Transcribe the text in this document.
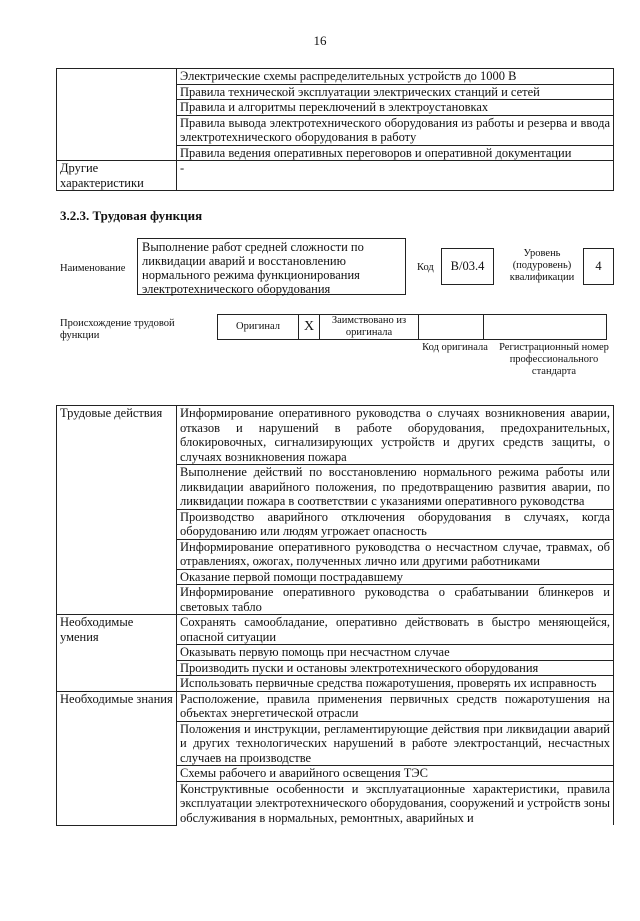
16
	Электрические схемы распределительных устройств до 1000 В
	Правила технической эксплуатации электрических станций и сетей
	Правила и алгоритмы переключений в электроустановках
	Правила вывода электротехнического оборудования из работы и резерва и ввода электротехнического оборудования в работу
	Правила ведения оперативных переговоров и оперативной документации
Другие характеристики	-
3.2.3. Трудовая функция
Наименование
Выполнение работ средней сложности по ликвидации аварий и восстановлению нормального режима функционирования электротехнического оборудования
Код	B/03.4
Уровень (подуровень) квалификации
4
Происхождение трудовой функции
Оригинал	X	Заимствовано из оригинала		
Код оригинала	Регистрационный номер профессионального стандарта
Трудовые действия	Информирование оперативного руководства о случаях возникновения аварии, отказов и нарушений в работе оборудования, предохранительных, блокировочных, сигнализирующих устройств и других средств защиты, о случаях возникновения пожара
	Выполнение действий по восстановлению нормального режима работы или ликвидации аварийного положения, по предотвращению развития аварии, по ликвидации пожара в соответствии с указаниями оперативного руководства
	Производство аварийного отключения оборудования в случаях, когда оборудованию или людям угрожает опасность
	Информирование оперативного руководства о несчастном случае, травмах, об отравлениях, ожогах, полученных лично или другими работниками
	Оказание первой помощи пострадавшему
	Информирование оперативного руководства о срабатывании блинкеров и световых табло
Необходимые умения	Сохранять самообладание, оперативно действовать в быстро меняющейся, опасной ситуации
	Оказывать первую помощь при несчастном случае
	Производить пуски и остановы электротехнического оборудования
	Использовать первичные средства пожаротушения, проверять их исправность
Необходимые знания	Расположение, правила применения первичных средств пожаротушения на объектах энергетической отрасли
	Положения и инструкции, регламентирующие действия при ликвидации аварий и других технологических нарушений в работе электростанций, несчастных случаев на производстве
	Схемы рабочего и аварийного освещения ТЭС
	Конструктивные особенности и эксплуатационные характеристики, правила эксплуатации электротехнического оборудования, сооружений и устройств зоны обслуживания в нормальных, ремонтных, аварийных и
